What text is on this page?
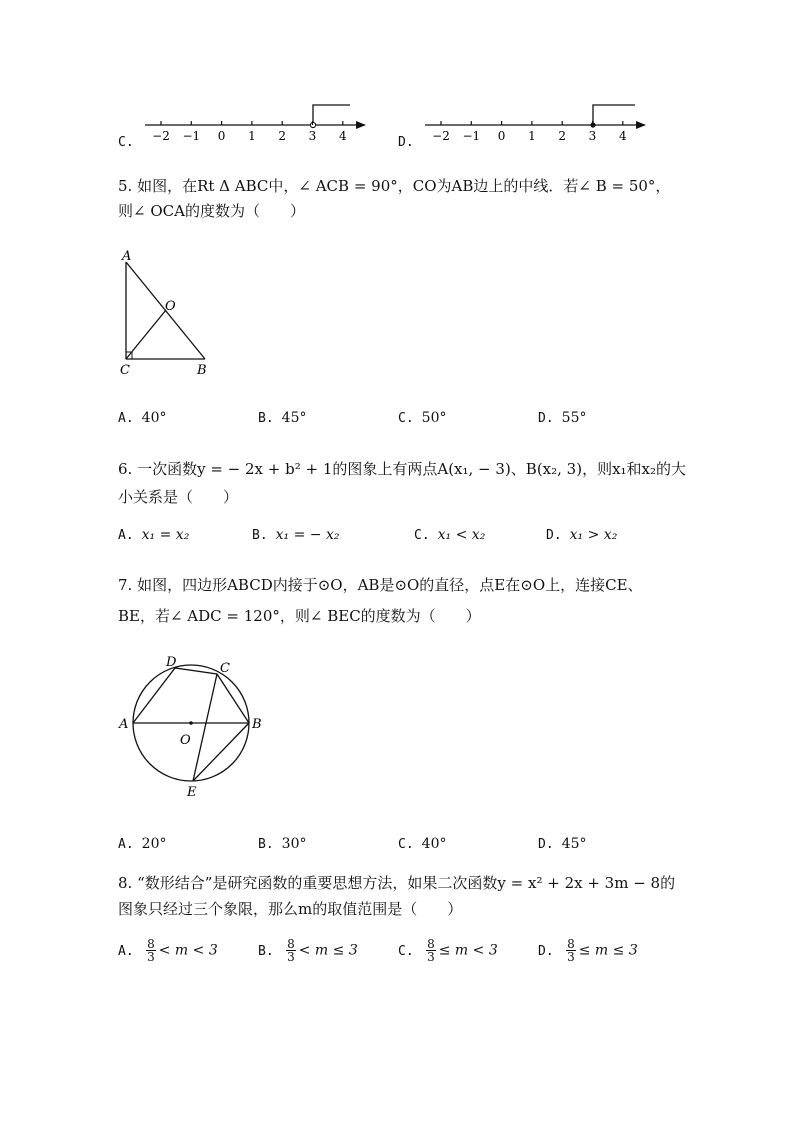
C.	−2 −1 0 1 2 3 4	D.	−2 −1 0 1 2 3 4
5. 如图，在Rt Δ ABC中，∠ ACB = 90°，CO为AB边上的中线．若∠ B = 50°，
则∠ OCA的度数为（　　）
A
O
C	B
A. 40°	B. 45°	C. 50°	D. 55°
6. 一次函数y = − 2x + b² + 1的图象上有两点A(x₁, − 3)、B(x₂, 3)，则x₁和x₂的大
小关系是（　　）
A. x₁ = x₂	B. x₁ = − x₂	C. x₁ < x₂	D. x₁ > x₂
7. 如图，四边形ABCD内接于⊙O，AB是⊙O的直径，点E在⊙O上，连接CE、
BE，若∠ ADC = 120°，则∠ BEC的度数为（　　）
D	C
A	B
O
E
A. 20°	B. 30°	C. 40°	D. 45°
8. “数形结合”是研究函数的重要思想方法，如果二次函数y = x² + 2x + 3m − 8的
图象只经过三个象限，那么m的取值范围是（　　）
A. $\frac{8}{3} < m < 3$	B. $\frac{8}{3} < m \le 3$	C. $\frac{8}{3} \le m < 3$	D. $\frac{8}{3} \le m \le 3$
